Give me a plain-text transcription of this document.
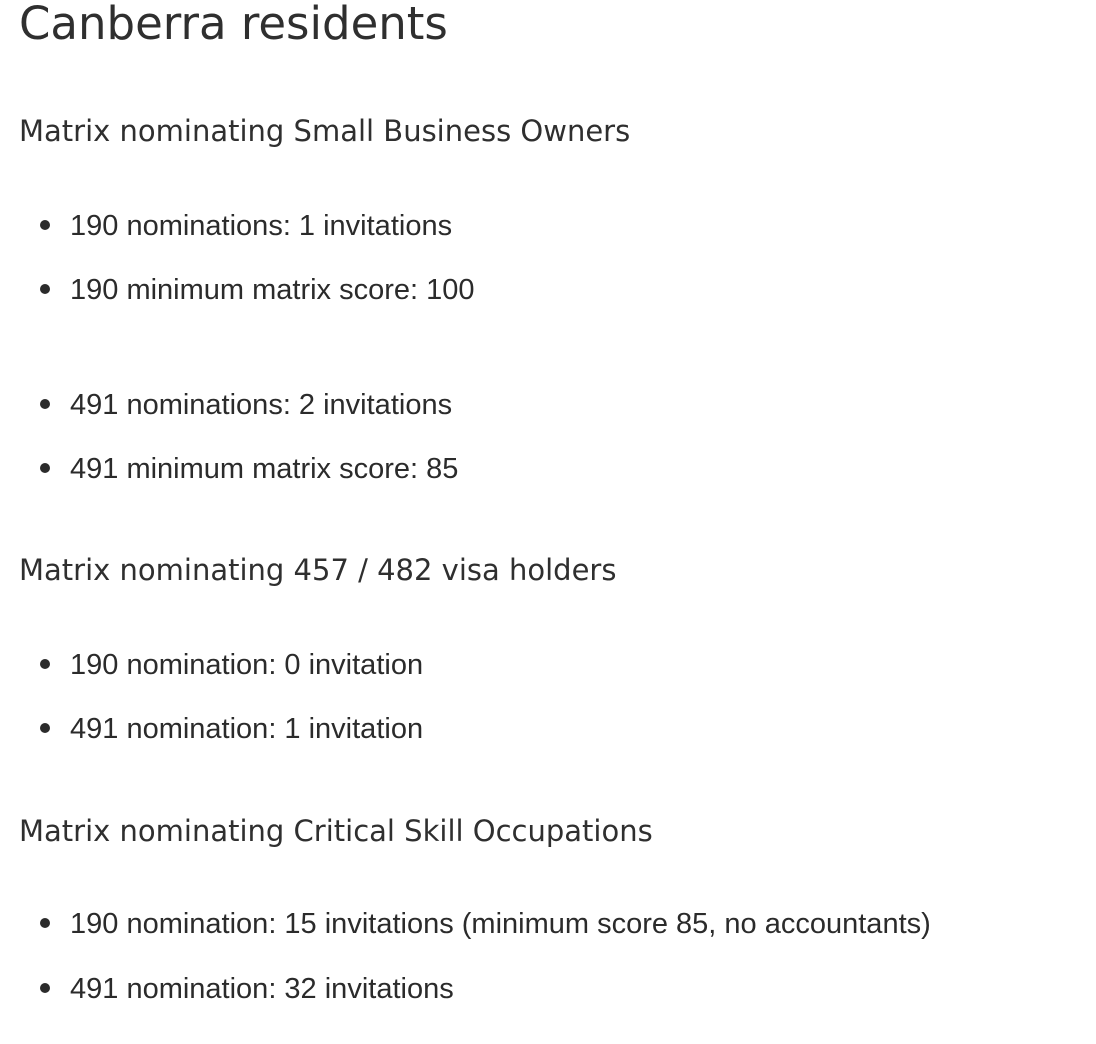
Canberra residents
Matrix nominating Small Business Owners
190 nominations: 1 invitations
190 minimum matrix score: 100
491 nominations: 2 invitations
491 minimum matrix score: 85
Matrix nominating 457 / 482 visa holders
190 nomination: 0 invitation
491 nomination: 1 invitation
Matrix nominating Critical Skill Occupations
190 nomination: 15 invitations (minimum score 85, no accountants)
491 nomination: 32 invitations
